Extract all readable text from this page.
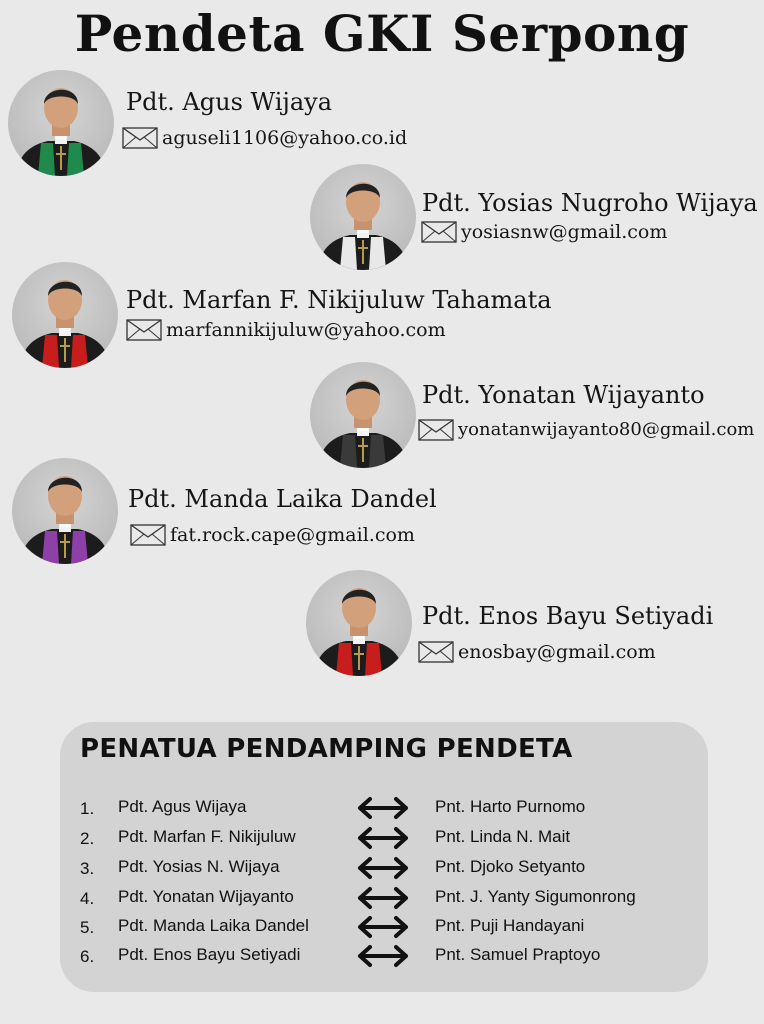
Pendeta GKI Serpong
Pdt. Agus Wijaya
aguseli1106@yahoo.co.id
Pdt. Yosias Nugroho Wijaya
yosiasnw@gmail.com
Pdt. Marfan F. Nikijuluw Tahamata
marfannikijuluw@yahoo.com
Pdt. Yonatan Wijayanto
yonatanwijayanto80@gmail.com
Pdt. Manda Laika Dandel
fat.rock.cape@gmail.com
Pdt. Enos Bayu Setiyadi
enosbay@gmail.com
PENATUA PENDAMPING PENDETA
1. Pdt. Agus Wijaya	Pnt. Harto Purnomo
2. Pdt. Marfan F. Nikijuluw	Pnt. Linda N. Mait
3. Pdt. Yosias N. Wijaya	Pnt. Djoko Setyanto
4. Pdt. Yonatan Wijayanto	Pnt. J. Yanty Sigumonrong
5. Pdt. Manda Laika Dandel	Pnt. Puji Handayani
6. Pdt. Enos Bayu Setiyadi	Pnt. Samuel Praptoyo
